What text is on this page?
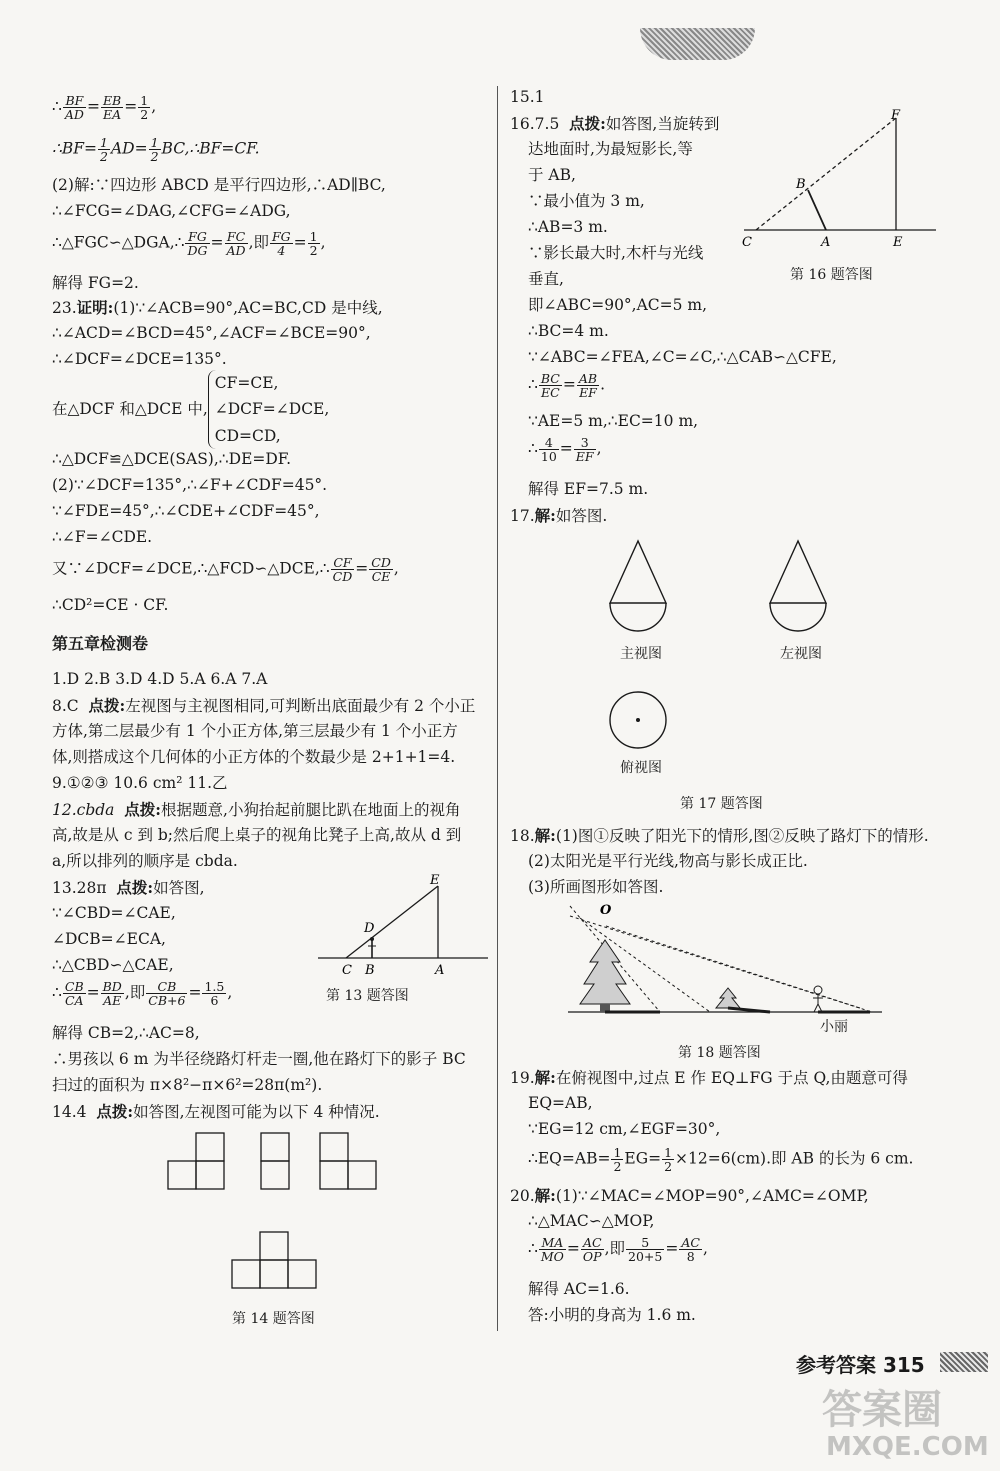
∴ $\frac{BF}{AD} = \frac{EB}{EA} = \frac{1}{2}$ ,
∴BF= $\frac{1}{2} AD= \frac{1}{2}$ BC,∴BF=CF.
(2)解:∵四边形 ABCD 是平行四边形,∴AD∥BC,
∴∠FCG=∠DAG,∠CFG=∠ADG,
∴△FGC∽△DGA,∴ $\frac{FG}{DG} = \frac{FC}{AD}$ ,即 $\frac{FG}{4} = \frac{1}{2}$ ,
解得 FG=2.
23.证明:(1)∵∠ACB=90°,AC=BC,CD 是中线,
∴∠ACD=∠BCD=45°,∠ACF=∠BCE=90°,
∴∠DCF=∠DCE=135°.
在△DCF 和△DCE 中,
CF=CE,
∠DCF=∠DCE,
CD=CD,
∴△DCF≌△DCE(SAS),∴DE=DF.
(2)∵∠DCF=135°,∴∠F+∠CDF=45°.
∵∠FDE=45°,∴∠CDE+∠CDF=45°,
∴∠F=∠CDE.
又∵∠DCF=∠DCE,∴△FCD∽△DCE,∴ $\frac{CF}{CD} = \frac{CD}{CE}$ ,
∴CD²=CE · CF.
第五章检测卷
1.D 2.B 3.D 4.D 5.A 6.A 7.A
8.C 点拨:左视图与主视图相同,可判断出底面最少有 2 个小正
方体,第二层最少有 1 个小正方体,第三层最少有 1 个小正方
体,则搭成这个几何体的小正方体的个数最少是 2+1+1=4.
9.①②③ 10.6 cm² 11.乙
12.cbda 点拨:根据题意,小狗抬起前腿比趴在地面上的视角
高,故是从 c 到 b;然后爬上桌子的视角比凳子上高,故从 d 到
a,所以排列的顺序是 cbda.
13.28π 点拨:如答图,
∵∠CBD=∠CAE,
∠DCB=∠ECA,
∴△CBD∽△CAE,
∴ $\frac{CB}{CA} = \frac{BD}{AE}$ ,即 $\frac{CB}{CB+6} = \frac{1.5}{6}$ ,
解得 CB=2,∴AC=8,
∴男孩以 6 m 为半径绕路灯杆走一圈,他在路灯下的影子 BC
扫过的面积为 π×8²−π×6²=28π(m²).
14.4 点拨:如答图,左视图可能为以下 4 种情况.
E
D
C B	A
第 13 题答图
第 14 题答图
15.1
16.7.5 点拨:如答图,当旋转到
达地面时,为最短影长,等
于 AB,
∵最小值为 3 m,
∴AB=3 m.
∵影长最大时,木杆与光线
垂直,
即∠ABC=90°,AC=5 m,
∴BC=4 m.
∵∠ABC=∠FEA,∠C=∠C,∴△CAB∽△CFE,
∴ $\frac{BC}{EC} = \frac{AB}{EF}$ .
∵AE=5 m,∴EC=10 m,
∴ $\frac{4}{10} = \frac{3}{EF}$ ,
解得 EF=7.5 m.
17.解:如答图.
18.解:(1)图①反映了阳光下的情形,图②反映了路灯下的情形.
(2)太阳光是平行光线,物高与影长成正比.
(3)所画图形如答图.
19.解:在俯视图中,过点 E 作 EQ⊥FG 于点 Q,由题意可得
EQ=AB,
∵EG=12 cm,∠EGF=30°,
∴EQ=AB= $\frac{1}{2} EG= \frac{1}{2} \times 12=6(cm)$.即 AB 的长为 6 cm.
20.解:(1)∵∠MAC=∠MOP=90°,∠AMC=∠OMP,
∴△MAC∽△MOP,
∴ $\frac{MA}{MO} = \frac{AC}{OP}$ ,即 $\frac{5}{20+5} = \frac{AC}{8}$ ,
解得 AC=1.6.
答:小明的身高为 1.6 m.
F
B
C	A	E
第 16 题答图
主视图	左视图
俯视图
第 17 题答图
O
小丽
第 18 题答图
参考答案 315
答案圈
MXQE.COM
